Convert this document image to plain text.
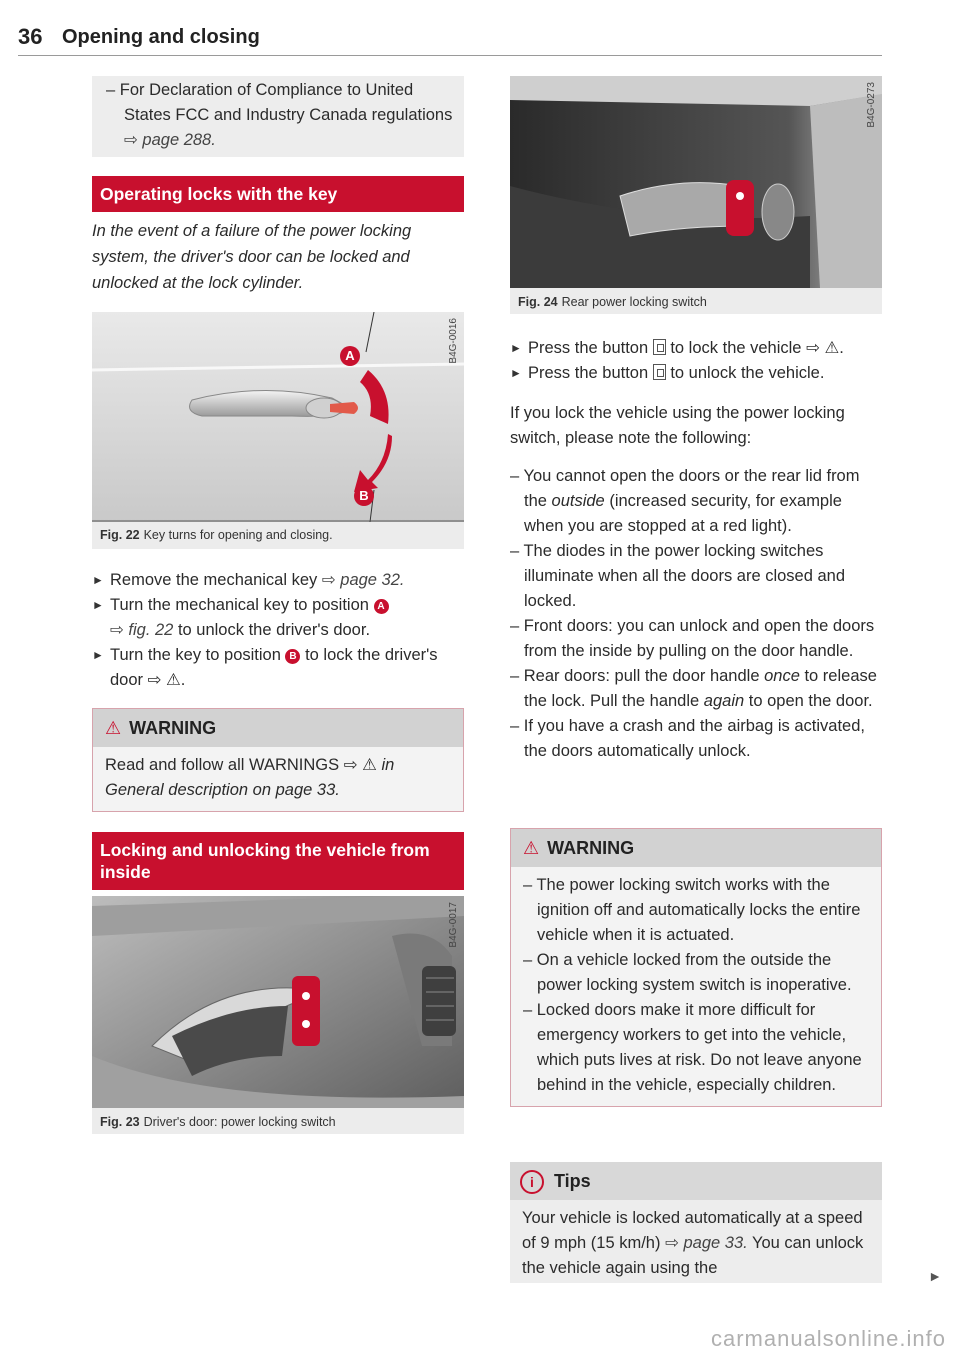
36 Opening and closing
– For Declaration of Compliance to United States FCC and Industry Canada regulations ⇨ page 288.
Operating locks with the key
In the event of a failure of the power locking system, the driver's door can be locked and unlocked at the lock cylinder.
A
B
B4G-0016
Fig. 22 Key turns for opening and closing.
► Remove the mechanical key ⇨ page 32.
► Turn the mechanical key to position A
⇨ fig. 22 to unlock the driver's door.
► Turn the key to position B to lock the driver's door ⇨ ⚠.
⚠ WARNING
Read and follow all WARNINGS ⇨ ⚠ in General description on page 33.
Locking and unlocking the vehicle from inside
B4G-0017
Fig. 23 Driver's door: power locking switch
B4G-0273
Fig. 24 Rear power locking switch
► Press the button  to lock the vehicle ⇨ ⚠.
► Press the button  to unlock the vehicle.
If you lock the vehicle using the power locking switch, please note the following:
– You cannot open the doors or the rear lid from the outside (increased security, for example when you are stopped at a red light).
– The diodes in the power locking switches illuminate when all the doors are closed and locked.
– Front doors: you can unlock and open the doors from the inside by pulling on the door handle.
– Rear doors: pull the door handle once to release the lock. Pull the handle again to open the door.
– If you have a crash and the airbag is activated, the doors automatically unlock.
⚠ WARNING
– The power locking switch works with the ignition off and automatically locks the entire vehicle when it is actuated.
– On a vehicle locked from the outside the power locking system switch is inoperative.
– Locked doors make it more difficult for emergency workers to get into the vehicle, which puts lives at risk. Do not leave anyone behind in the vehicle, especially children.
i Tips
Your vehicle is locked automatically at a speed of 9 mph (15 km/h) ⇨ page 33. You can unlock the vehicle again using the	►
carmanualsonline.info
